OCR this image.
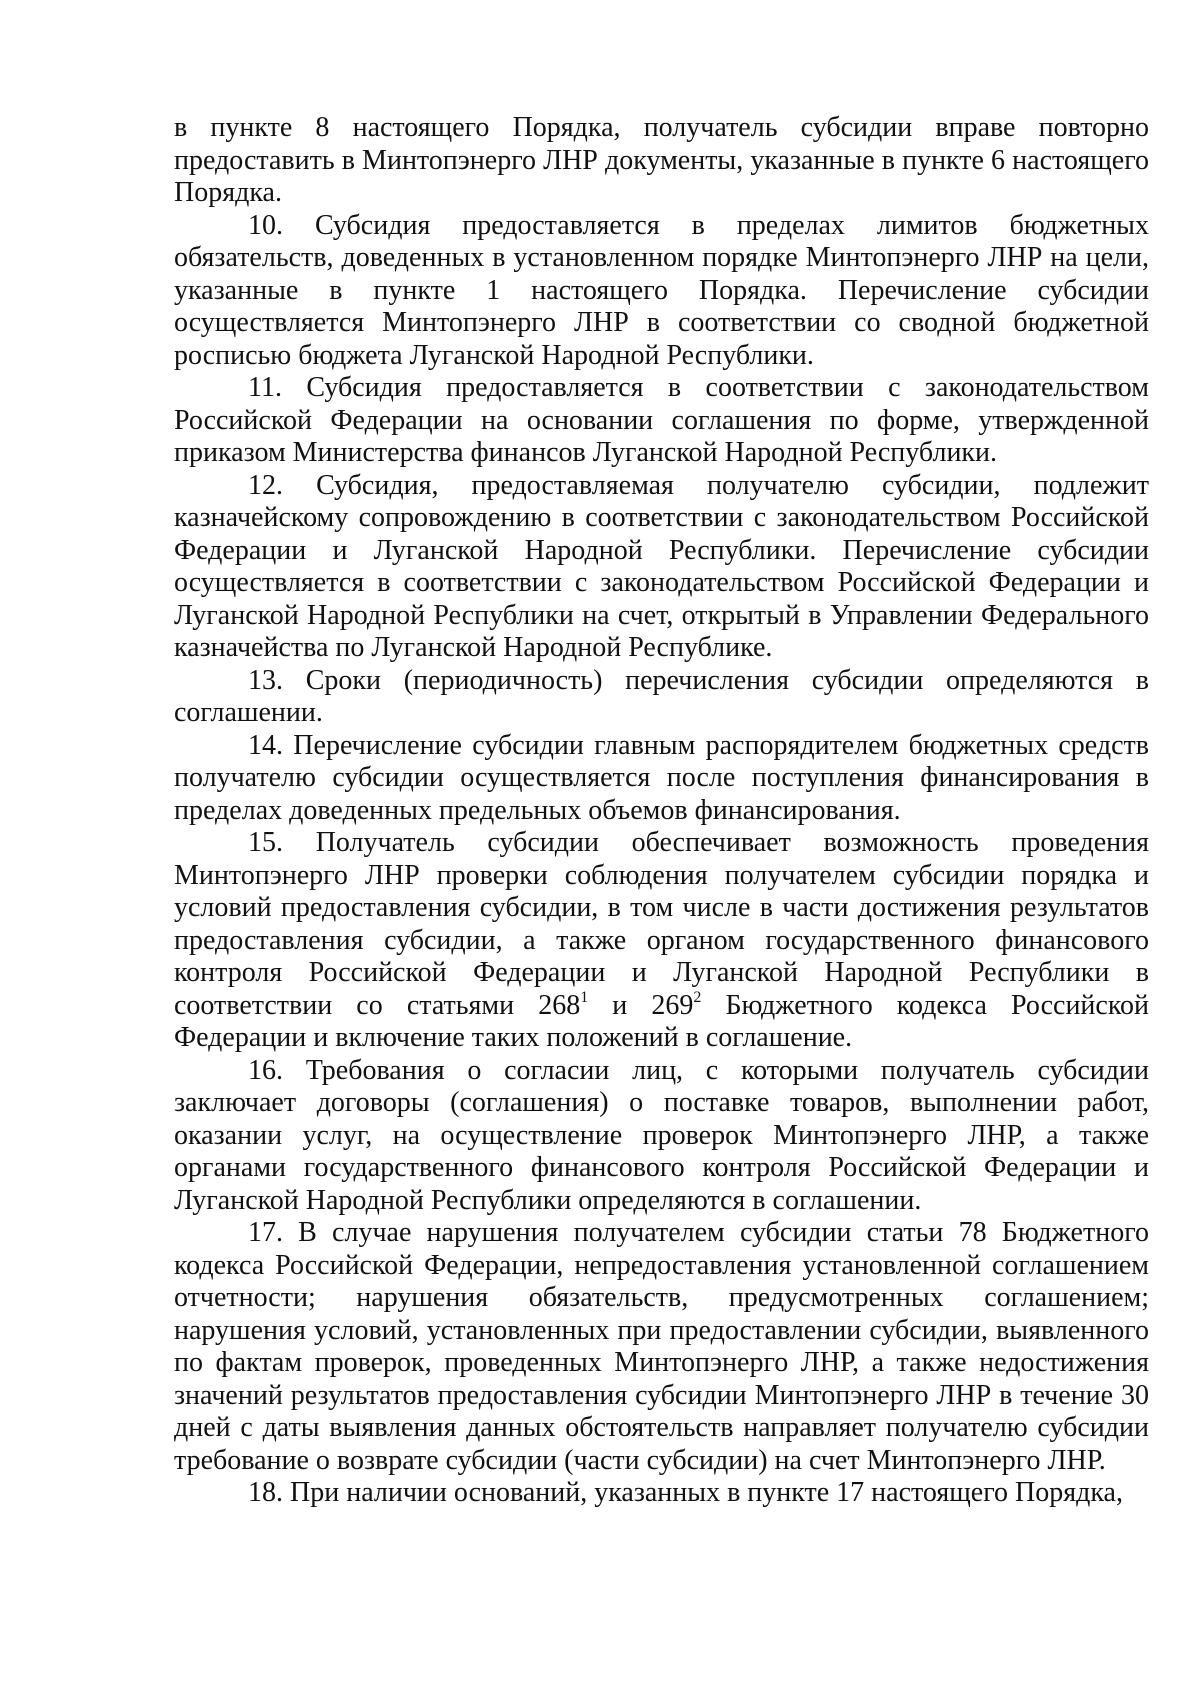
в пункте 8 настоящего Порядка, получатель субсидии вправе повторно предоставить в Минтопэнерго ЛНР документы, указанные в пункте 6 настоящего Порядка.

10. Субсидия предоставляется в пределах лимитов бюджетных обязательств, доведенных в установленном порядке Минтопэнерго ЛНР на цели, указанные в пункте 1 настоящего Порядка. Перечисление субсидии осуществляется Минтопэнерго ЛНР в соответствии со сводной бюджетной росписью бюджета Луганской Народной Республики.

11. Субсидия предоставляется в соответствии с законодательством Российской Федерации на основании соглашения по форме, утвержденной приказом Министерства финансов Луганской Народной Республики.

12. Субсидия, предоставляемая получателю субсидии, подлежит казначейскому сопровождению в соответствии с законодательством Российской Федерации и Луганской Народной Республики. Перечисление субсидии осуществляется в соответствии с законодательством Российской Федерации и Луганской Народной Республики на счет, открытый в Управлении Федерального казначейства по Луганской Народной Республике.

13. Сроки (периодичность) перечисления субсидии определяются в соглашении.

14. Перечисление субсидии главным распорядителем бюджетных средств получателю субсидии осуществляется после поступления финансирования в пределах доведенных предельных объемов финансирования.

15. Получатель субсидии обеспечивает возможность проведения Минтопэнерго ЛНР проверки соблюдения получателем субсидии порядка и условий предоставления субсидии, в том числе в части достижения результатов предоставления субсидии, а также органом государственного финансового контроля Российской Федерации и Луганской Народной Республики в соответствии со статьями $268^1$ и $269^2$ Бюджетного кодекса Российской Федерации и включение таких положений в соглашение.

16. Требования о согласии лиц, с которыми получатель субсидии заключает договоры (соглашения) о поставке товаров, выполнении работ, оказании услуг, на осуществление проверок Минтопэнерго ЛНР, а также органами государственного финансового контроля Российской Федерации и Луганской Народной Республики определяются в соглашении.

17. В случае нарушения получателем субсидии статьи 78 Бюджетного кодекса Российской Федерации, непредоставления установленной соглашением отчетности; нарушения обязательств, предусмотренных соглашением; нарушения условий, установленных при предоставлении субсидии, выявленного по фактам проверок, проведенных Минтопэнерго ЛНР, а также недостижения значений результатов предоставления субсидии Минтопэнерго ЛНР в течение 30 дней с даты выявления данных обстоятельств направляет получателю субсидии требование о возврате субсидии (части субсидии) на счет Минтопэнерго ЛНР.

18. При наличии оснований, указанных в пункте 17 настоящего Порядка,
